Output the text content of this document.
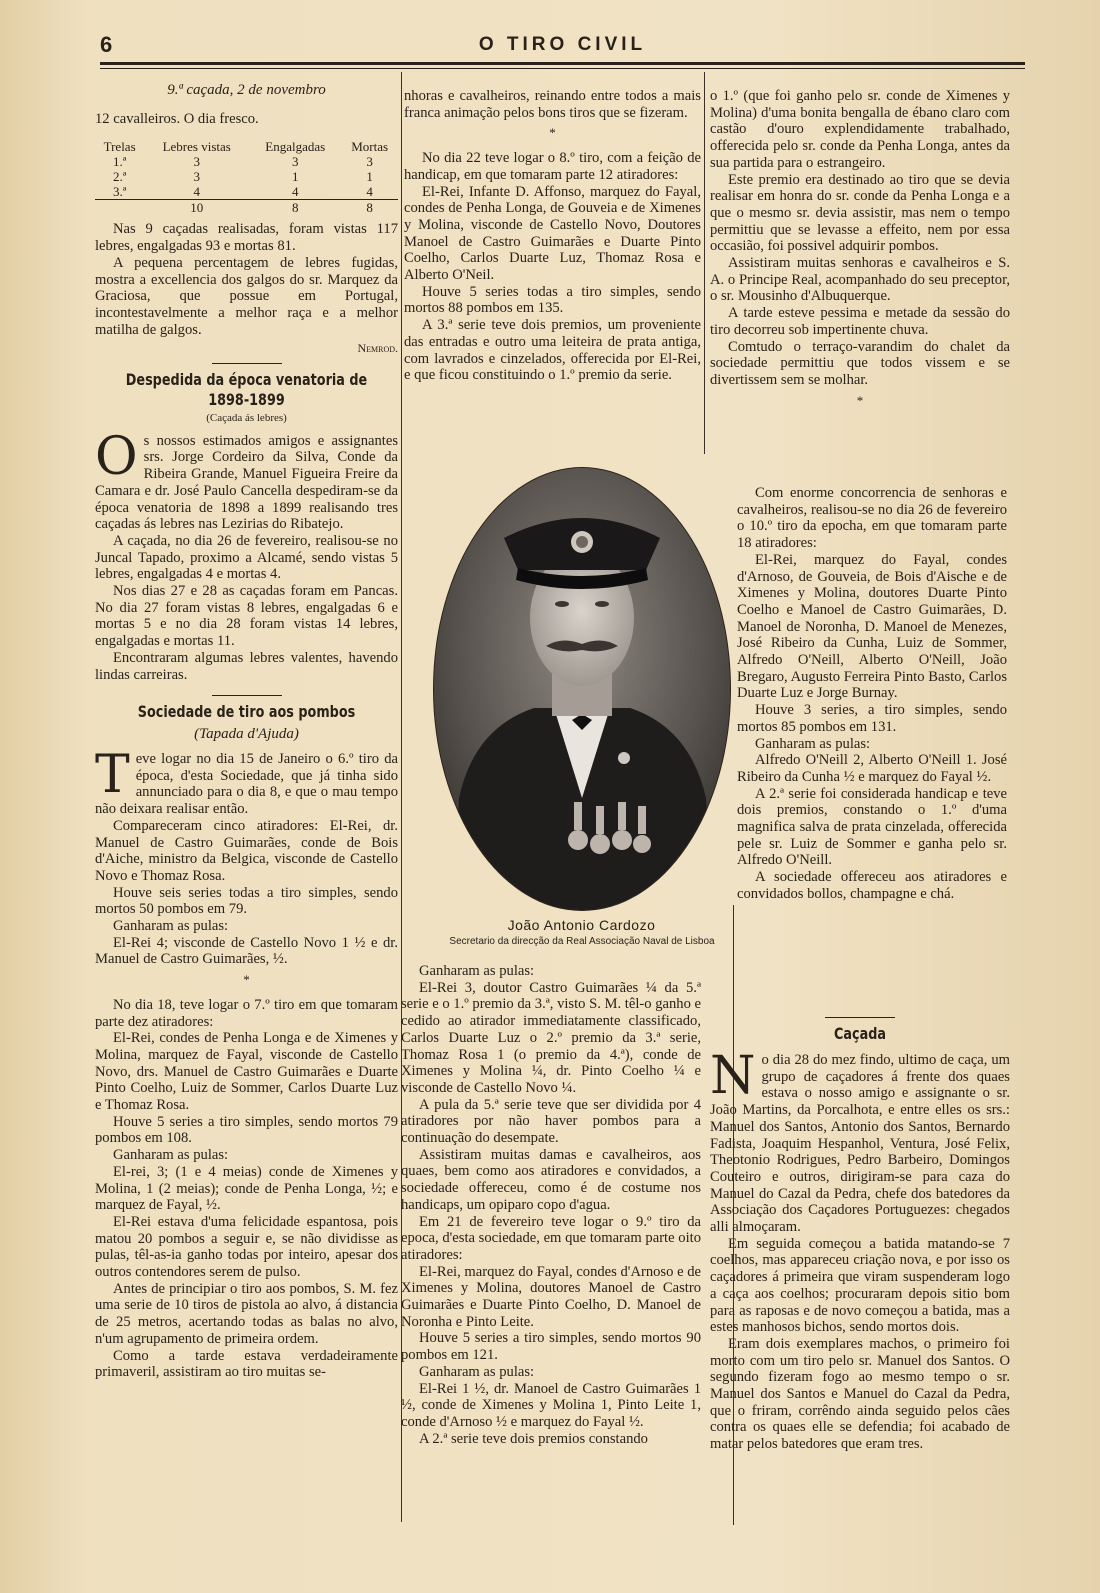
6	O TIRO CIVIL
9.ª caçada, 2 de novembro

12 cavalleiros. O dia fresco.

Trelas	Lebres vistas	Engalgadas	Mortas
1.ª	3	3	3
2.ª	3	1	1
3.ª	4	4	4
	10	8	8

Nas 9 caçadas realisadas, foram vistas 117 lebres, engalgadas 93 e mortas 81.

A pequena percentagem de lebres fugidas, mostra a excellencia dos galgos do sr. Marquez da Graciosa, que possue em Portugal, incontestavelmente a melhor raça e a melhor matilha de galgos.

Nemrod.
Despedida da época venatoria de 1898-1899
(Caçada ás lebres)

Os nossos estimados amigos e assignantes srs. Jorge Cordeiro da Silva, Conde da Ribeira Grande, Manuel Figueira Freire da Camara e dr. José Paulo Cancella despediram-se da época venatoria de 1898 a 1899 realisando tres caçadas ás lebres nas Lezirias do Ribatejo.

A caçada, no dia 26 de fevereiro, realisou-se no Juncal Tapado, proximo a Alcamé, sendo vistas 5 lebres, engalgadas 4 e mortas 4.

Nos dias 27 e 28 as caçadas foram em Pancas. No dia 27 foram vistas 8 lebres, engalgadas 6 e mortas 5 e no dia 28 foram vistas 14 lebres, engalgadas e mortas 11.

Encontraram algumas lebres valentes, havendo lindas carreiras.

Sociedade de tiro aos pombos
(Tapada d'Ajuda)

Teve logar no dia 15 de Janeiro o 6.º tiro da época, d'esta Sociedade, que já tinha sido annunciado para o dia 8, e que o mau tempo não deixara realisar então.

Compareceram cinco atiradores: El-Rei, dr. Manuel de Castro Guimarães, conde de Bois d'Aiche, ministro da Belgica, visconde de Castello Novo e Thomaz Rosa.

Houve seis series todas a tiro simples, sendo mortos 50 pombos em 79.

Ganharam as pulas:

El-Rei 4; visconde de Castello Novo 1 ½ e dr. Manuel de Castro Guimarães, ½.

*

No dia 18, teve logar o 7.º tiro em que tomaram parte dez atiradores:

El-Rei, condes de Penha Longa e de Ximenes y Molina, marquez de Fayal, visconde de Castello Novo, drs. Manuel de Castro Guimarães e Duarte Pinto Coelho, Luiz de Sommer, Carlos Duarte Luz e Thomaz Rosa.

Houve 5 series a tiro simples, sendo mortos 79 pombos em 108.

Ganharam as pulas:

El-rei, 3; (1 e 4 meias) conde de Ximenes y Molina, 1 (2 meias); conde de Penha Longa, ½; e marquez de Fayal, ½.

El-Rei estava d'uma felicidade espantosa, pois matou 20 pombos a seguir e, se não dividisse as pulas, têl-as-ia ganho todas por inteiro, apesar dos outros contendores serem de pulso.

Antes de principiar o tiro aos pombos, S. M. fez uma serie de 10 tiros de pistola ao alvo, á distancia de 25 metros, acertando todas as balas no alvo, n'um agrupamento de primeira ordem.

Como a tarde estava verdadeiramente primaveril, assistiram ao tiro muitas se-

nhoras e cavalheiros, reinando entre todos a mais franca animação pelos bons tiros que se fizeram.

*

No dia 22 teve logar o 8.º tiro, com a feição de handicap, em que tomaram parte 12 atiradores:

El-Rei, Infante D. Affonso, marquez do Fayal, condes de Penha Longa, de Gouveia e de Ximenes y Molina, visconde de Castello Novo, Doutores Manoel de Castro Guimarães e Duarte Pinto Coelho, Carlos Duarte Luz, Thomaz Rosa e Alberto O'Neil.

Houve 5 series todas a tiro simples, sendo mortos 88 pombos em 135.

A 3.ª serie teve dois premios, um proveniente das entradas e outro uma leiteira de prata antiga, com lavrados e cinzelados, offerecida por El-Rei, e que ficou constituindo o 1.º premio da serie.

João Antonio Cardozo
Secretario da direcção da Real Associação Naval de Lisboa

Ganharam as pulas:

El-Rei 3, doutor Castro Guimarães ¼ da 5.ª serie e o 1.º premio da 3.ª, visto S. M. têl-o ganho e cedido ao atirador immediatamente classificado, Carlos Duarte Luz o 2.º premio da 3.ª serie, Thomaz Rosa 1 (o premio da 4.ª), conde de Ximenes y Molina ¼, dr. Pinto Coelho ¼ e visconde de Castello Novo ¼.

A pula da 5.ª serie teve que ser dividida por 4 atiradores por não haver pombos para a continuação do desempate.

Assistiram muitas damas e cavalheiros, aos quaes, bem como aos atiradores e convidados, a sociedade offereceu, como é de costume nos handicaps, um opiparo copo d'agua.

Em 21 de fevereiro teve logar o 9.º tiro da epoca, d'esta sociedade, em que tomaram parte oito atiradores:

El-Rei, marquez do Fayal, condes d'Arnoso e de Ximenes y Molina, doutores Manoel de Castro Guimarães e Duarte Pinto Coelho, D. Manoel de Noronha e Pinto Leite.

Houve 5 series a tiro simples, sendo mortos 90 pombos em 121.

Ganharam as pulas:

El-Rei 1 ½, dr. Manoel de Castro Guimarães 1 ½, conde de Ximenes y Molina 1, Pinto Leite 1, conde d'Arnoso ½ e marquez do Fayal ½.

A 2.ª serie teve dois premios constando

o 1.º (que foi ganho pelo sr. conde de Ximenes y Molina) d'uma bonita bengalla de ébano claro com castão d'ouro explendidamente trabalhado, offerecida pelo sr. conde da Penha Longa, antes da sua partida para o estrangeiro.

Este premio era destinado ao tiro que se devia realisar em honra do sr. conde da Penha Longa e a que o mesmo sr. devia assistir, mas nem o tempo permittiu que se levasse a effeito, nem por essa occasião, foi possivel adquirir pombos.

Assistiram muitas senhoras e cavalheiros e S. A. o Principe Real, acompanhado do seu preceptor, o sr. Mousinho d'Albuquerque.

A tarde esteve pessima e metade da sessão do tiro decorreu sob impertinente chuva.

Comtudo o terraço-varandim do chalet da sociedade permittiu que todos vissem e se divertissem sem se molhar.

*

Com enorme concorrencia de senhoras e cavalheiros, realisou-se no dia 26 de fevereiro o 10.º tiro da epocha, em que tomaram parte 18 atiradores:

El-Rei, marquez do Fayal, condes d'Arnoso, de Gouveia, de Bois d'Aische e de Ximenes y Molina, doutores Duarte Pinto Coelho e Manoel de Castro Guimarães, D. Manoel de Noronha, D. Manoel de Menezes, José Ribeiro da Cunha, Luiz de Sommer, Alfredo O'Neill, Alberto O'Neill, João Bregaro, Augusto Ferreira Pinto Basto, Carlos Duarte Luz e Jorge Burnay.

Houve 3 series, a tiro simples, sendo mortos 85 pombos em 131.

Ganharam as pulas:

Alfredo O'Neill 2, Alberto O'Neill 1. José Ribeiro da Cunha ½ e marquez do Fayal ½.

A 2.ª serie foi considerada handicap e teve dois premios, constando o 1.º d'uma magnifica salva de prata cinzelada, offerecida pele sr. Luiz de Sommer e ganha pelo sr. Alfredo O'Neill.

A sociedade offereceu aos atiradores e convidados bollos, champagne e chá.

Caçada

No dia 28 do mez findo, ultimo de caça, um grupo de caçadores á frente dos quaes estava o nosso amigo e assignante o sr. João Martins, da Porcalhota, e entre elles os srs.: Manuel dos Santos, Antonio dos Santos, Bernardo Fadista, Joaquim Hespanhol, Ventura, José Felix, Theotonio Rodrigues, Pedro Barbeiro, Domingos Couteiro e outros, dirigiram-se para caza do Manuel do Cazal da Pedra, chefe dos batedores da Associação dos Caçadores Portuguezes: chegados alli almoçaram.

Em seguida começou a batida matando-se 7 coelhos, mas appareceu criação nova, e por isso os caçadores á primeira que viram suspenderam logo a caça aos coelhos; procuraram depois sitio bom para as raposas e de novo começou a batida, mas a estes manhosos bichos, sendo mortos dois.

Eram dois exemplares machos, o primeiro foi morto com um tiro pelo sr. Manuel dos Santos. O segundo fizeram fogo ao mesmo tempo o sr. Manuel dos Santos e Manuel do Cazal da Pedra, que o friram, corrêndo ainda seguido pelos cães contra os quaes elle se defendia; foi acabado de matar pelos batedores que eram tres.
